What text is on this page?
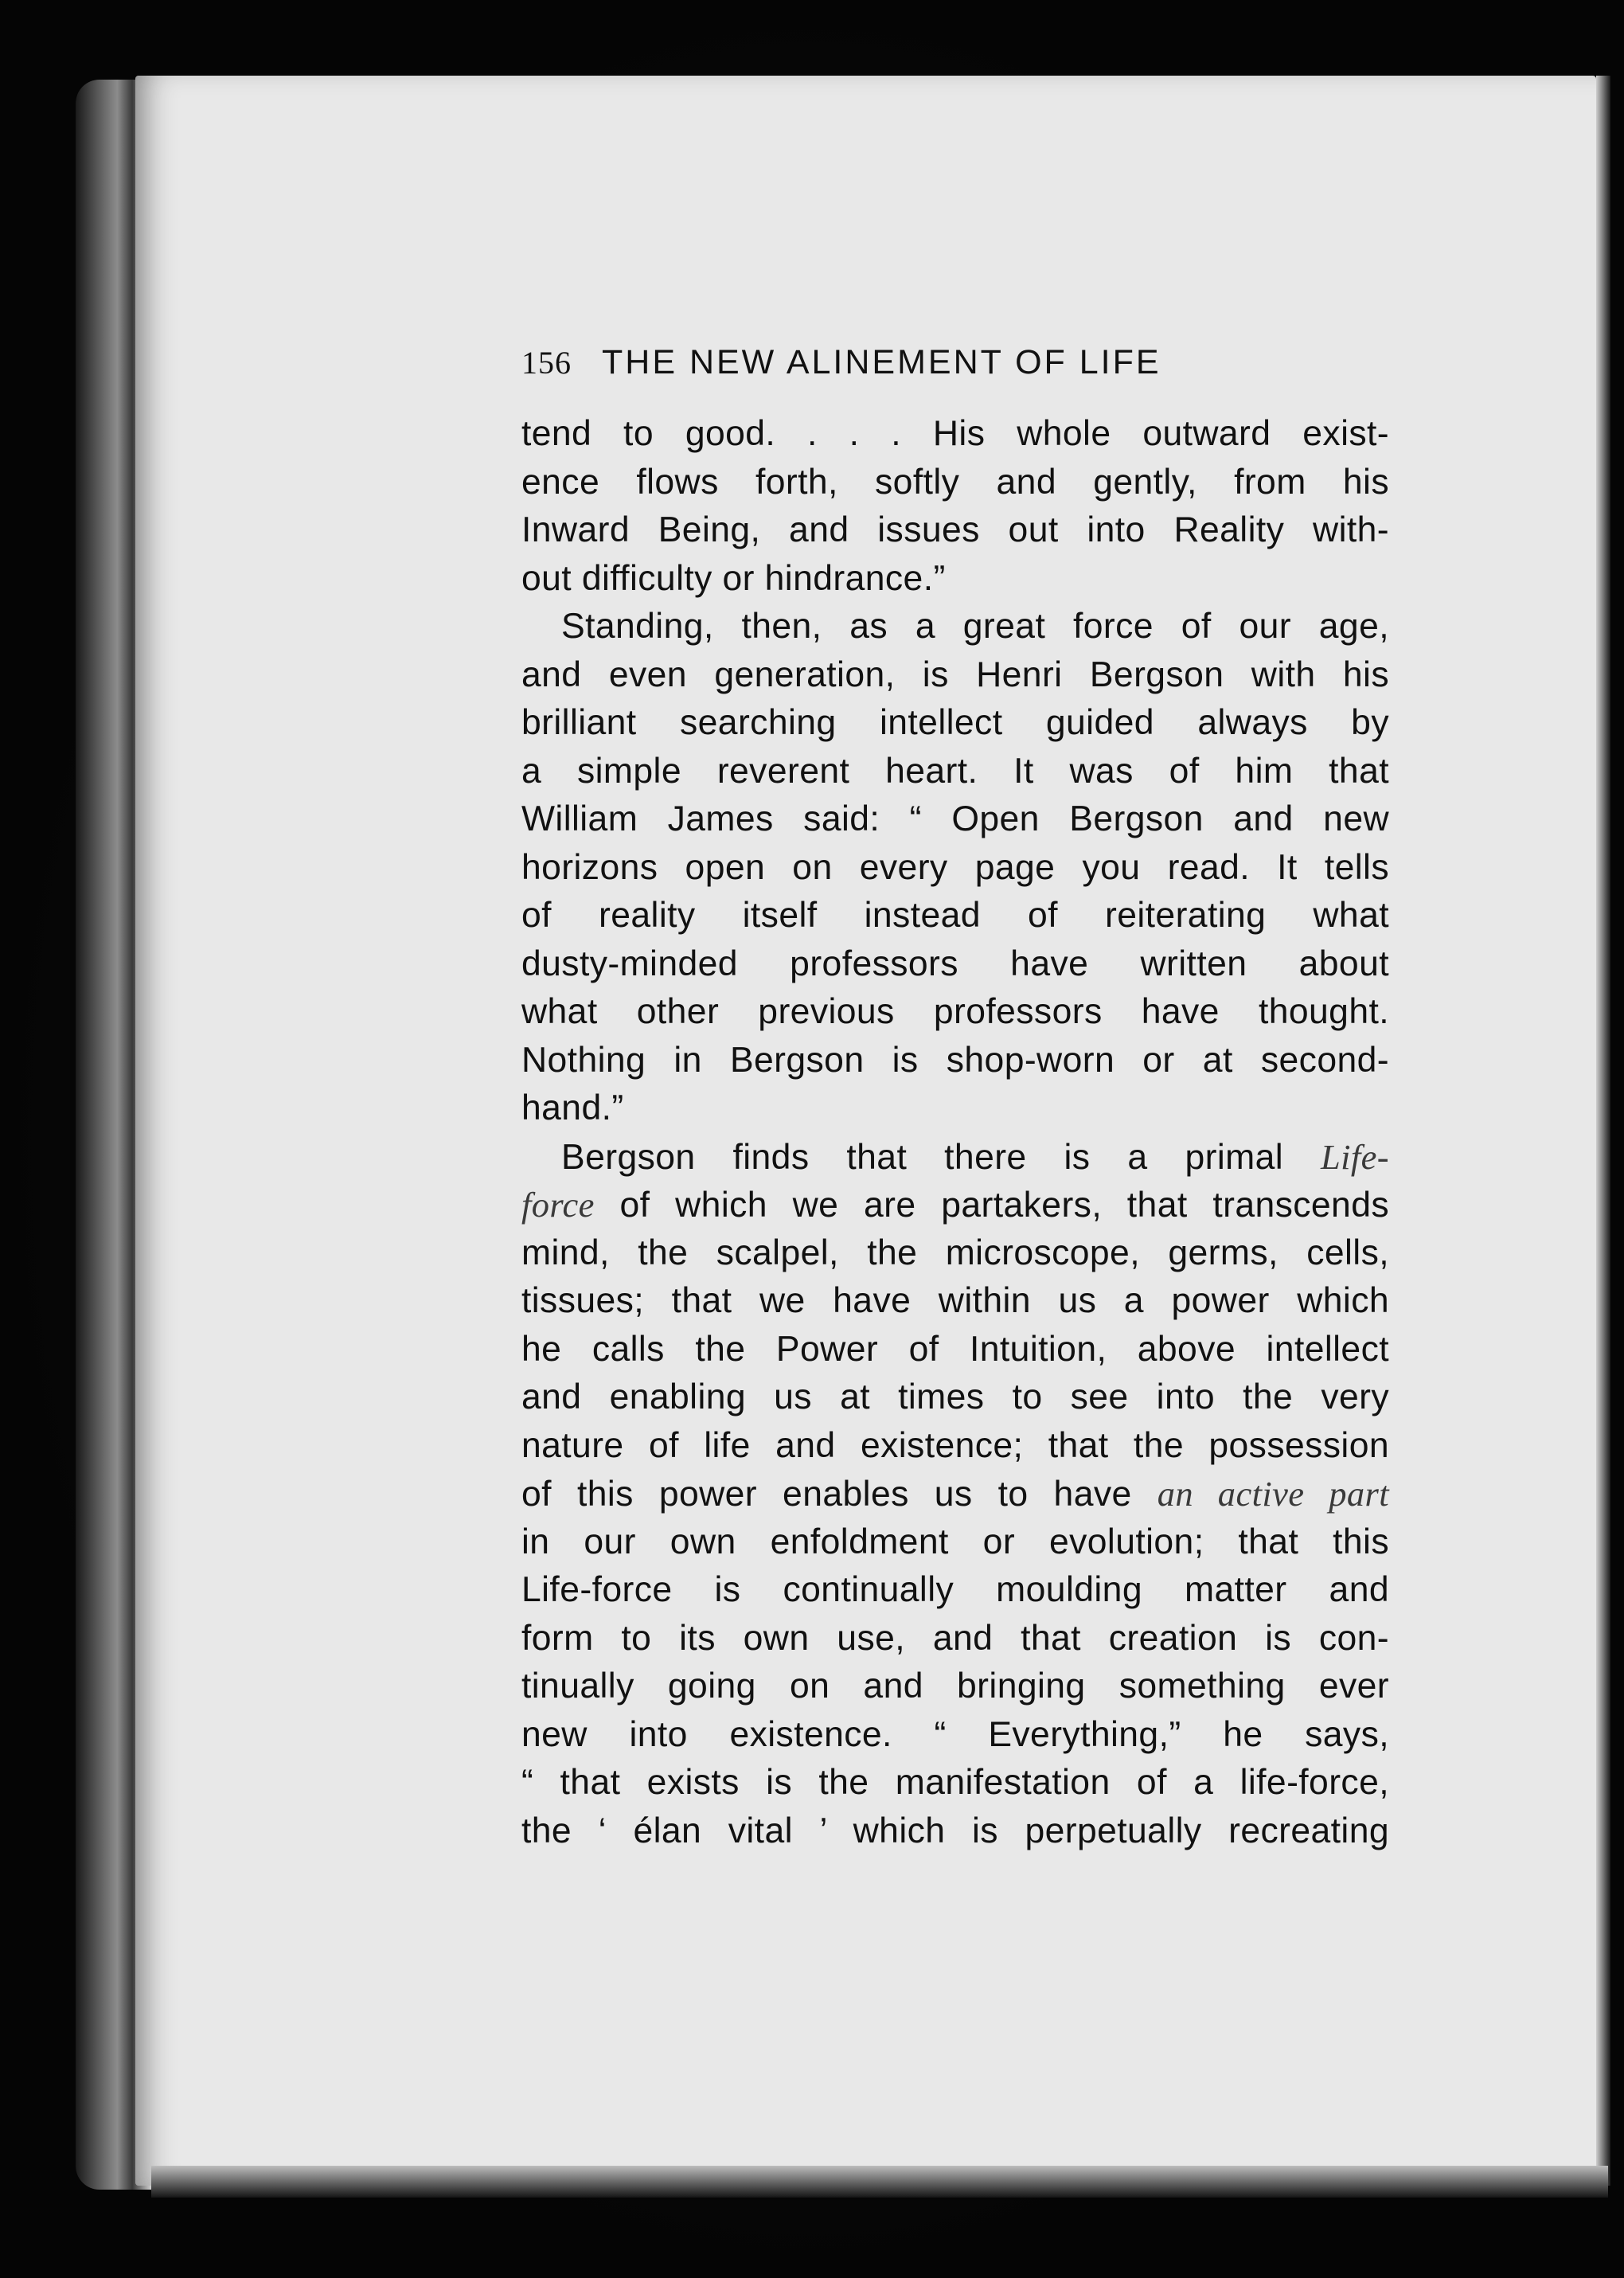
156 THE NEW ALINEMENT OF LIFE
tend to good. . . . His whole outward exist-
ence flows forth, softly and gently, from his
Inward Being, and issues out into Reality with-
out difficulty or hindrance.”
Standing, then, as a great force of our age,
and even generation, is Henri Bergson with his
brilliant searching intellect guided always by
a simple reverent heart. It was of him that
William James said: “ Open Bergson and new
horizons open on every page you read. It tells
of reality itself instead of reiterating what
dusty-minded professors have written about
what other previous professors have thought.
Nothing in Bergson is shop-worn or at second-
hand.”
Bergson finds that there is a primal Life-
force of which we are partakers, that transcends
mind, the scalpel, the microscope, germs, cells,
tissues; that we have within us a power which
he calls the Power of Intuition, above intellect
and enabling us at times to see into the very
nature of life and existence; that the possession
of this power enables us to have an active part
in our own enfoldment or evolution; that this
Life-force is continually moulding matter and
form to its own use, and that creation is con-
tinually going on and bringing something ever
new into existence. “ Everything,” he says,
“ that exists is the manifestation of a life-force,
the ‘ élan vital ’ which is perpetually recreating
